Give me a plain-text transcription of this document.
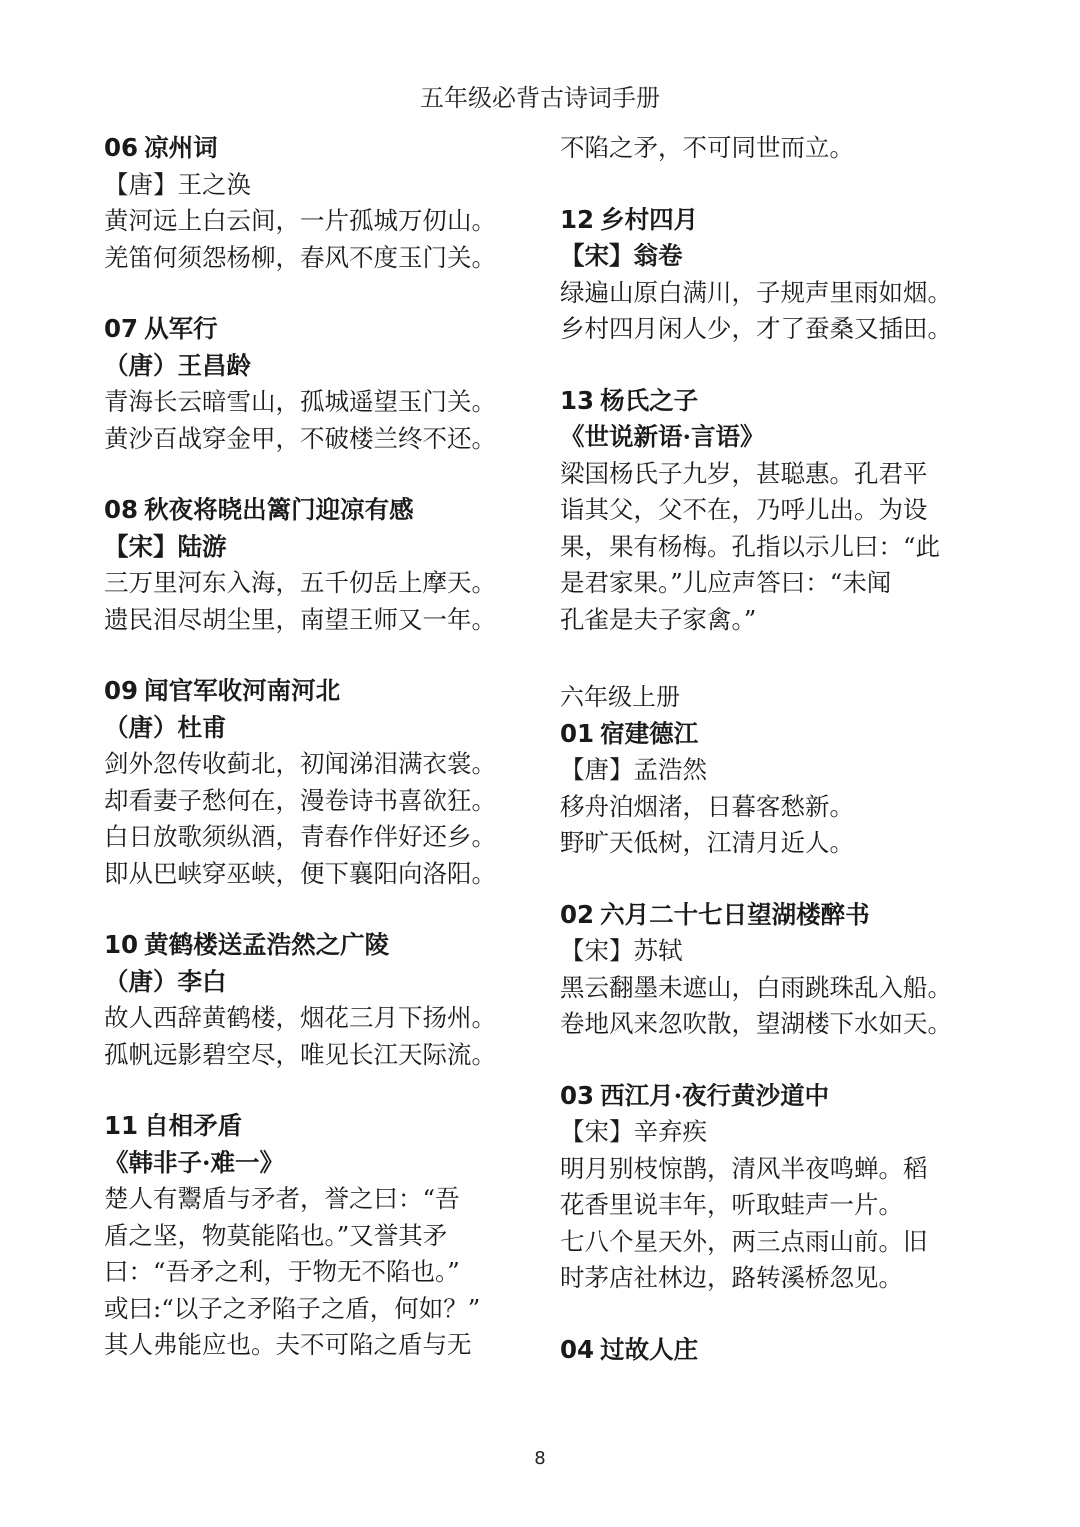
五年级必背古诗词手册
06 凉州词
【唐】王之涣
黄河远上白云间，一片孤城万仞山。
羌笛何须怨杨柳，春风不度玉门关。
07 从军行
（唐）王昌龄
青海长云暗雪山，孤城遥望玉门关。
黄沙百战穿金甲，不破楼兰终不还。
08 秋夜将晓出篱门迎凉有感
【宋】陆游
三万里河东入海，五千仞岳上摩天。
遗民泪尽胡尘里，南望王师又一年。
09 闻官军收河南河北
（唐）杜甫
剑外忽传收蓟北，初闻涕泪满衣裳。
却看妻子愁何在，漫卷诗书喜欲狂。
白日放歌须纵酒，青春作伴好还乡。
即从巴峡穿巫峡，便下襄阳向洛阳。
10 黄鹤楼送孟浩然之广陵
（唐）李白
故人西辞黄鹤楼，烟花三月下扬州。
孤帆远影碧空尽，唯见长江天际流。
11 自相矛盾
《韩非子·难一》
楚人有鬻盾与矛者，誉之曰：“吾
盾之坚，物莫能陷也。”又誉其矛
曰：“吾矛之利，于物无不陷也。”
或曰:“以子之矛陷子之盾，何如？”
其人弗能应也。夫不可陷之盾与无
不陷之矛，不可同世而立。
12 乡村四月
【宋】翁卷
绿遍山原白满川，子规声里雨如烟。
乡村四月闲人少，才了蚕桑又插田。
13 杨氏之子
《世说新语·言语》
梁国杨氏子九岁，甚聪惠。孔君平
诣其父，父不在，乃呼儿出。为设
果，果有杨梅。孔指以示儿曰：“此
是君家果。”儿应声答曰：“未闻
孔雀是夫子家禽。”
六年级上册
01 宿建德江
【唐】孟浩然
移舟泊烟渚，日暮客愁新。
野旷天低树，江清月近人。
02 六月二十七日望湖楼醉书
【宋】苏轼
黑云翻墨未遮山，白雨跳珠乱入船。
卷地风来忽吹散，望湖楼下水如天。
03 西江月·夜行黄沙道中
【宋】辛弃疾
明月别枝惊鹊，清风半夜鸣蝉。稻
花香里说丰年，听取蛙声一片。
七八个星天外，两三点雨山前。旧
时茅店社林边，路转溪桥忽见。
04 过故人庄
8
